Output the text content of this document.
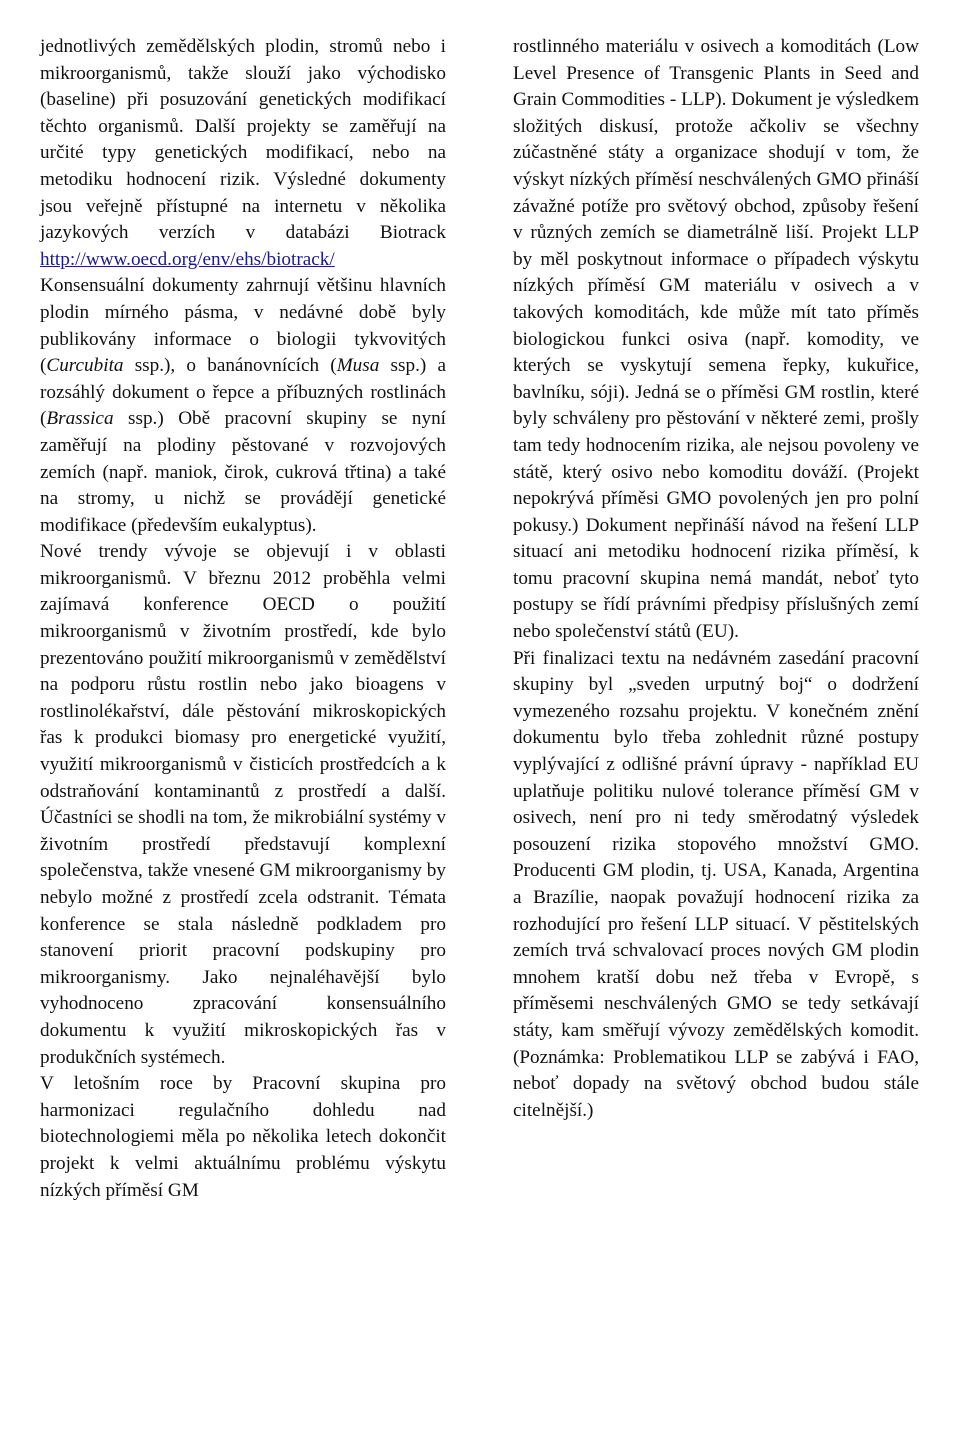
jednotlivých zemědělských plodin, stromů nebo i mikroorganismů, takže slouží jako východisko (baseline) při posuzování genetických modifikací těchto organismů. Další projekty se zaměřují na určité typy genetických modifikací, nebo na metodiku hodnocení rizik. Výsledné dokumenty jsou veřejně přístupné na internetu v několika jazykových verzích v databázi Biotrack http://www.oecd.org/env/ehs/biotrack/

Konsensuální dokumenty zahrnují většinu hlavních plodin mírného pásma, v nedávné době byly publikovány informace o biologii tykvovitých (Curcubita ssp.), o banánovnících (Musa ssp.) a rozsáhlý dokument o řepce a příbuzných rostlinách (Brassica ssp.) Obě pracovní skupiny se nyní zaměřují na plodiny pěstované v rozvojových zemích (např. maniok, čirok, cukrová třtina) a také na stromy, u nichž se provádějí genetické modifikace (především eukalyptus).

Nové trendy vývoje se objevují i v oblasti mikroorganismů. V březnu 2012 proběhla velmi zajímavá konference OECD o použití mikroorganismů v životním prostředí, kde bylo prezentováno použití mikroorganismů v zemědělství na podporu růstu rostlin nebo jako bioagens v rostlinolékařství, dále pěstování mikroskopických řas k produkci biomasy pro energetické využití, využití mikroorganismů v čisticích prostředcích a k odstraňování kontaminantů z prostředí a další. Účastníci se shodli na tom, že mikrobiální systémy v životním prostředí představují komplexní společenstva, takže vnesené GM mikroorganismy by nebylo možné z prostředí zcela odstranit. Témata konference se stala následně podkladem pro stanovení priorit pracovní podskupiny pro mikroorganismy. Jako nejnaléhavější bylo vyhodnoceno zpracování konsensuálního dokumentu k využití mikroskopických řas v produkčních systémech.

V letošním roce by Pracovní skupina pro harmonizaci regulačního dohledu nad biotechnologiemi měla po několika letech dokončit projekt k velmi aktuálnímu problému výskytu nízkých příměsí GM

rostlinného materiálu v osivech a komoditách (Low Level Presence of Transgenic Plants in Seed and Grain Commodities - LLP). Dokument je výsledkem složitých diskusí, protože ačkoliv se všechny zúčastněné státy a organizace shodují v tom, že výskyt nízkých příměsí neschválených GMO přináší závažné potíže pro světový obchod, způsoby řešení v různých zemích se diametrálně liší. Projekt LLP by měl poskytnout informace o případech výskytu nízkých příměsí GM materiálu v osivech a v takových komoditách, kde může mít tato příměs biologickou funkci osiva (např. komodity, ve kterých se vyskytují semena řepky, kukuřice, bavlníku, sóji). Jedná se o příměsi GM rostlin, které byly schváleny pro pěstování v některé zemi, prošly tam tedy hodnocením rizika, ale nejsou povoleny ve státě, který osivo nebo komoditu dováží. (Projekt nepokrývá příměsi GMO povolených jen pro polní pokusy.) Dokument nepřináší návod na řešení LLP situací ani metodiku hodnocení rizika příměsí, k tomu pracovní skupina nemá mandát, neboť tyto postupy se řídí právními předpisy příslušných zemí nebo společenství států (EU).

Při finalizaci textu na nedávném zasedání pracovní skupiny byl „sveden urputný boj“ o dodržení vymezeného rozsahu projektu. V konečném znění dokumentu bylo třeba zohlednit různé postupy vyplývající z odlišné právní úpravy - například EU uplatňuje politiku nulové tolerance příměsí GM v osivech, není pro ni tedy směrodatný výsledek posouzení rizika stopového množství GMO. Producenti GM plodin, tj. USA, Kanada, Argentina a Brazílie, naopak považují hodnocení rizika za rozhodující pro řešení LLP situací. V pěstitelských zemích trvá schvalovací proces nových GM plodin mnohem kratší dobu než třeba v Evropě, s příměsemi neschválených GMO se tedy setkávají státy, kam směřují vývozy zemědělských komodit. (Poznámka: Problematikou LLP se zabývá i FAO, neboť dopady na světový obchod budou stále citelnější.)
